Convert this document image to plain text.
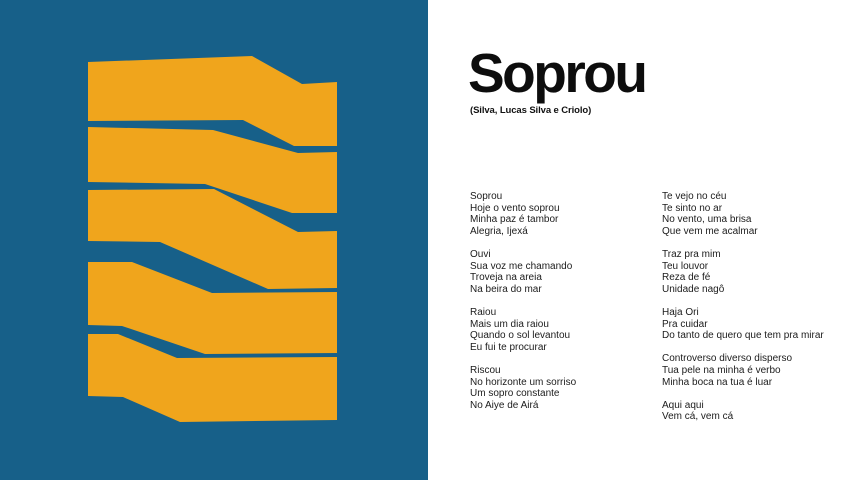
Soprou
(Silva, Lucas Silva e Criolo)
Soprou
Hoje o vento soprou
Minha paz é tambor
Alegria, Ijexá
Ouvi
Sua voz me chamando
Troveja na areia
Na beira do mar
Raiou
Mais um dia raiou
Quando o sol levantou
Eu fui te procurar
Riscou
No horizonte um sorriso
Um sopro constante
No Aiye de Airá
Te vejo no céu
Te sinto no ar
No vento, uma brisa
Que vem me acalmar
Traz pra mim
Teu louvor
Reza de fé
Unidade nagô
Haja Ori
Pra cuidar
Do tanto de quero que tem pra mirar
Controverso diverso disperso
Tua pele na minha é verbo
Minha boca na tua é luar
Aqui aqui
Vem cá, vem cá
